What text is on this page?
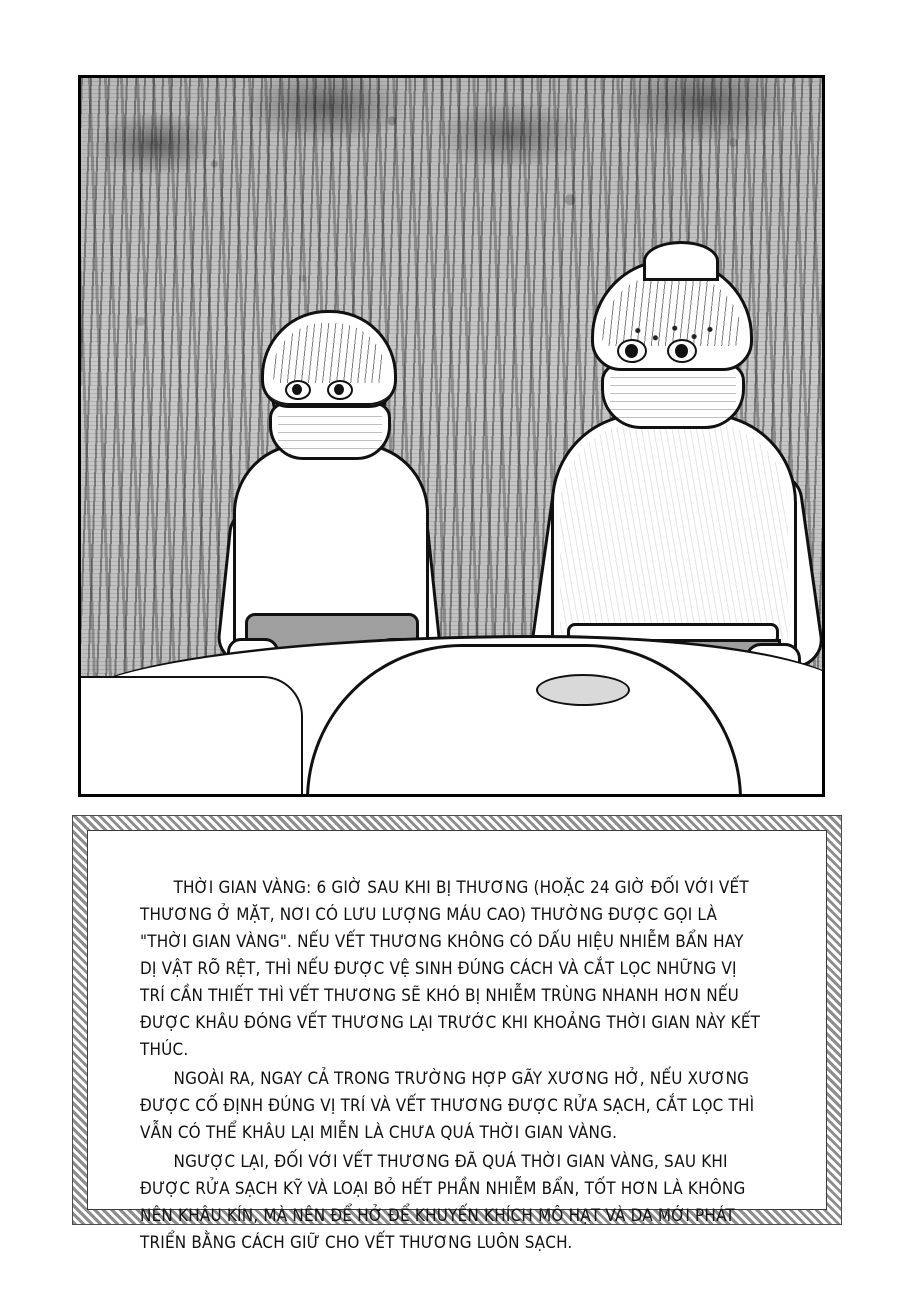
THỜI GIAN VÀNG: 6 GIỜ SAU KHI BỊ THƯƠNG (HOẶC 24 GIỜ ĐỐI VỚI VẾT THƯƠNG Ở MẶT, NƠI CÓ LƯU LƯỢNG MÁU CAO) THƯỜNG ĐƯỢC GỌI LÀ "THỜI GIAN VÀNG". NẾU VẾT THƯƠNG KHÔNG CÓ DẤU HIỆU NHIỄM BẨN HAY DỊ VẬT RÕ RỆT, THÌ NẾU ĐƯỢC VỆ SINH ĐÚNG CÁCH VÀ CẮT LỌC NHỮNG VỊ TRÍ CẦN THIẾT THÌ VẾT THƯƠNG SẼ KHÓ BỊ NHIỄM TRÙNG NHANH HƠN NẾU ĐƯỢC KHÂU ĐÓNG VẾT THƯƠNG LẠI TRƯỚC KHI KHOẢNG THỜI GIAN NÀY KẾT THÚC.

NGOÀI RA, NGAY CẢ TRONG TRƯỜNG HỢP GÃY XƯƠNG HỞ, NẾU XƯƠNG ĐƯỢC CỐ ĐỊNH ĐÚNG VỊ TRÍ VÀ VẾT THƯƠNG ĐƯỢC RỬA SẠCH, CẮT LỌC THÌ VẪN CÓ THỂ KHÂU LẠI MIỄN LÀ CHƯA QUÁ THỜI GIAN VÀNG.

NGƯỢC LẠI, ĐỐI VỚI VẾT THƯƠNG ĐÃ QUÁ THỜI GIAN VÀNG, SAU KHI ĐƯỢC RỬA SẠCH KỸ VÀ LOẠI BỎ HẾT PHẦN NHIỄM BẨN, TỐT HƠN LÀ KHÔNG NÊN KHÂU KÍN, MÀ NÊN ĐỂ HỞ ĐỂ KHUYẾN KHÍCH MÔ HẠT VÀ DA MỚI PHÁT TRIỂN BẰNG CÁCH GIỮ CHO VẾT THƯƠNG LUÔN SẠCH.
